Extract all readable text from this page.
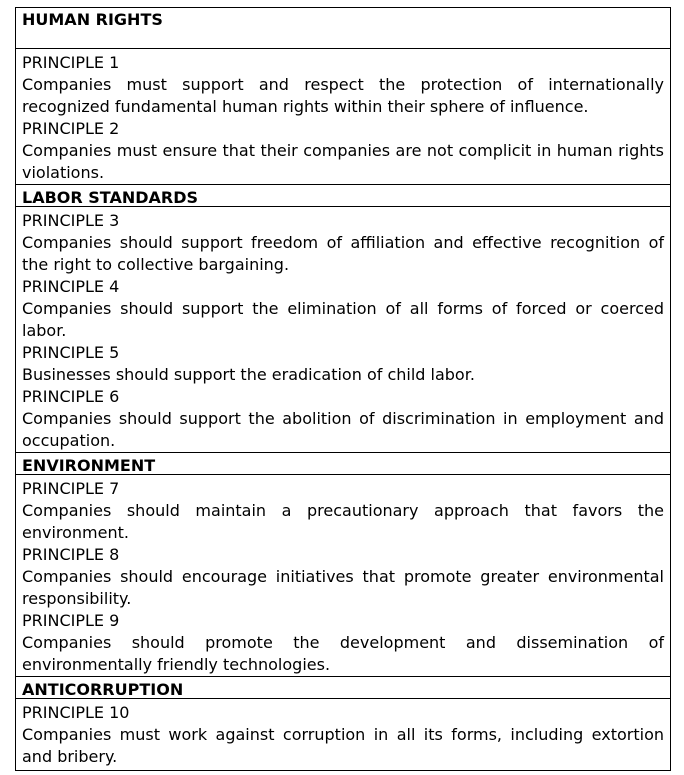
HUMAN RIGHTS

PRINCIPLE 1

Companies must support and respect the protection of internationally recognized fundamental human rights within their sphere of influence.

PRINCIPLE 2

Companies must ensure that their companies are not complicit in human rights violations.

LABOR STANDARDS

PRINCIPLE 3

Companies should support freedom of affiliation and effective recognition of the right to collective bargaining.

PRINCIPLE 4

Companies should support the elimination of all forms of forced or coerced labor.

PRINCIPLE 5

Businesses should support the eradication of child labor.

PRINCIPLE 6

Companies should support the abolition of discrimination in employment and occupation.

ENVIRONMENT

PRINCIPLE 7

Companies should maintain a precautionary approach that favors the environment.

PRINCIPLE 8

Companies should encourage initiatives that promote greater environmental responsibility.

PRINCIPLE 9

Companies should promote the development and dissemination of environmentally friendly technologies.

ANTICORRUPTION

PRINCIPLE 10

Companies must work against corruption in all its forms, including extortion and bribery.
